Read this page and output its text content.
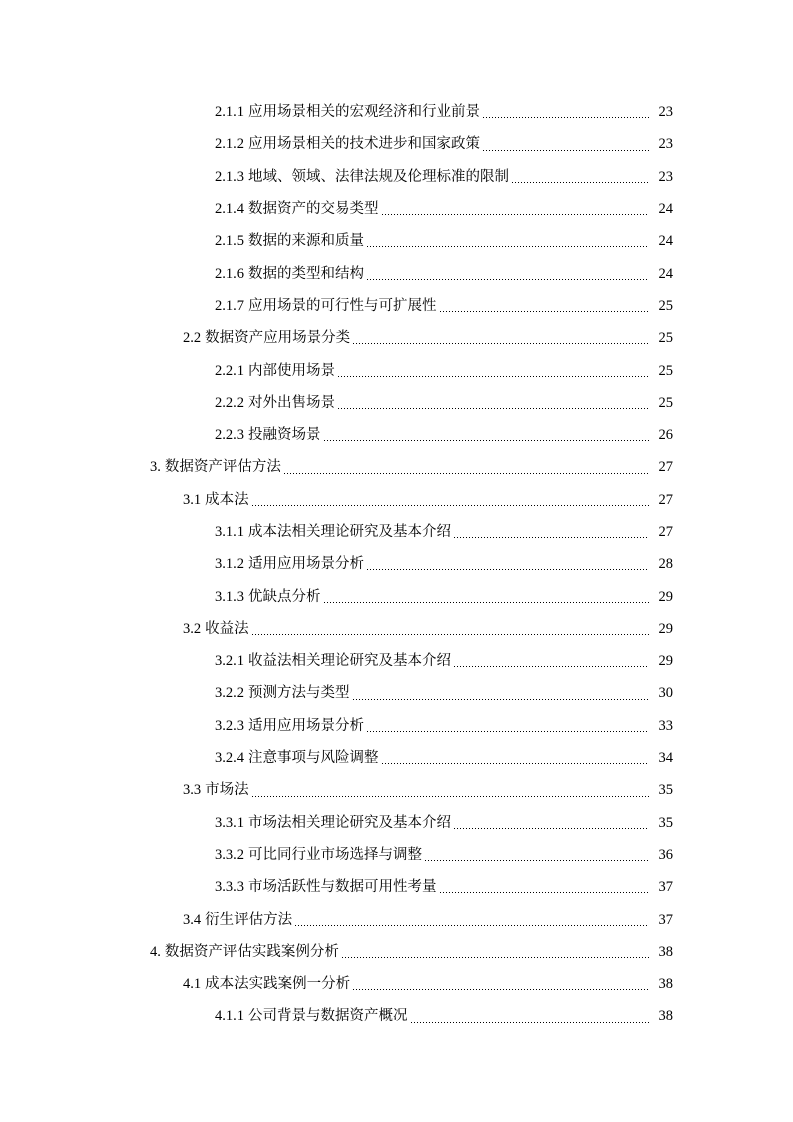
2.1.1 应用场景相关的宏观经济和行业前景	23
2.1.2 应用场景相关的技术进步和国家政策	23
2.1.3 地域、领域、法律法规及伦理标准的限制	23
2.1.4 数据资产的交易类型	24
2.1.5 数据的来源和质量	24
2.1.6 数据的类型和结构	24
2.1.7 应用场景的可行性与可扩展性	25
2.2 数据资产应用场景分类	25
2.2.1 内部使用场景	25
2.2.2 对外出售场景	25
2.2.3 投融资场景	26
3. 数据资产评估方法	27
3.1 成本法	27
3.1.1 成本法相关理论研究及基本介绍	27
3.1.2 适用应用场景分析	28
3.1.3 优缺点分析	29
3.2 收益法	29
3.2.1 收益法相关理论研究及基本介绍	29
3.2.2 预测方法与类型	30
3.2.3 适用应用场景分析	33
3.2.4 注意事项与风险调整	34
3.3 市场法	35
3.3.1 市场法相关理论研究及基本介绍	35
3.3.2 可比同行业市场选择与调整	36
3.3.3 市场活跃性与数据可用性考量	37
3.4 衍生评估方法	37
4. 数据资产评估实践案例分析	38
4.1 成本法实践案例一分析	38
4.1.1 公司背景与数据资产概况	38
